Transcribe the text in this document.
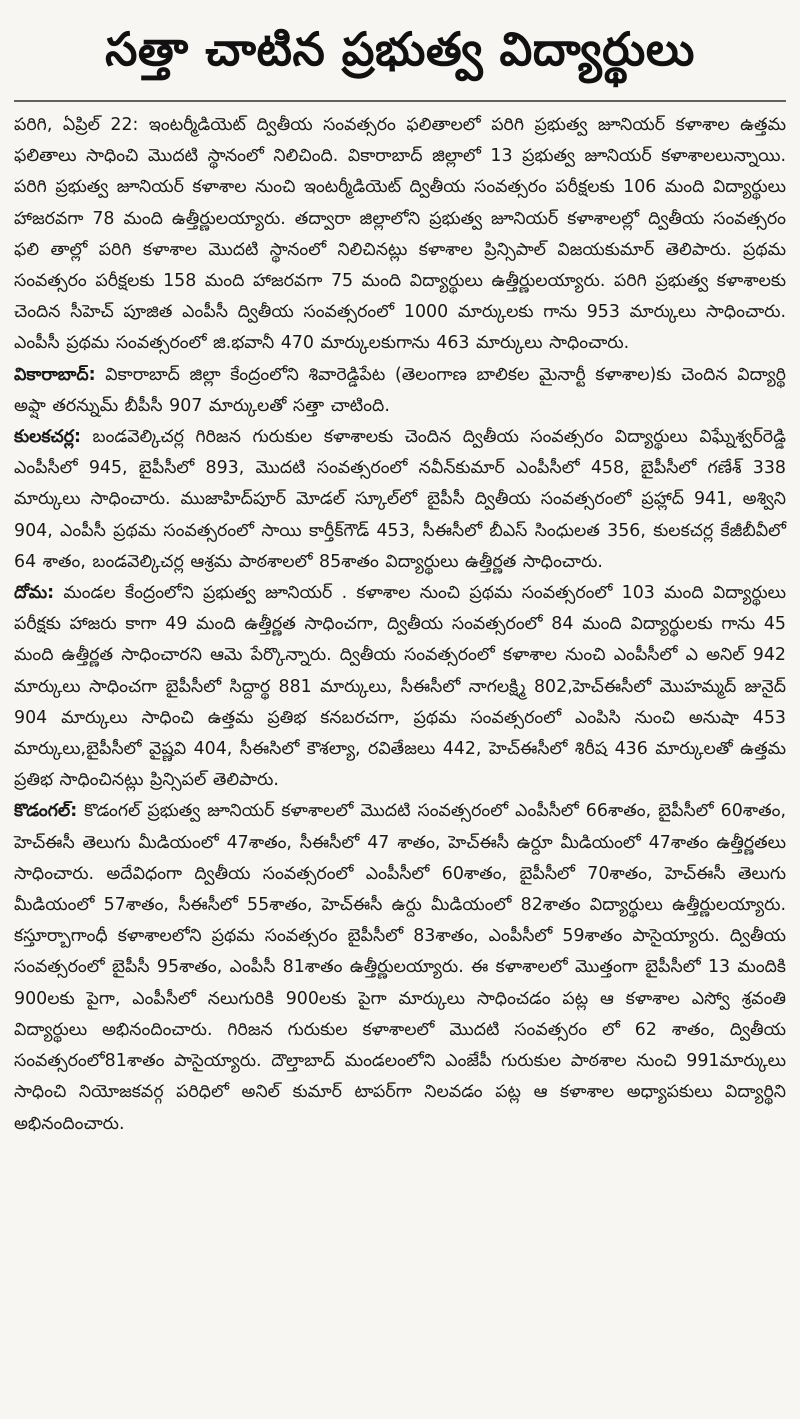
సత్తా చాటిన ప్రభుత్వ విద్యార్థులు

పరిగి, ఏప్రిల్ 22: ఇంటర్మీడియెట్ ద్వితీయ సంవత్సరం ఫలితాలలో పరిగి ప్రభుత్వ జూనియర్ కళాశాల ఉత్తమ ఫలితాలు సాధించి మొదటి స్థానంలో నిలిచింది. వికారాబాద్ జిల్లాలో 13 ప్రభుత్వ జూనియర్ కళాశాలలున్నాయి. పరిగి ప్రభుత్వ జూనియర్ కళాశాల నుంచి ఇంటర్మీడియెట్ ద్వితీయ సంవత్సరం పరీక్షలకు 106 మంది విద్యార్థులు హాజరవగా 78 మంది ఉత్తీర్ణులయ్యారు. తద్వారా జిల్లాలోని ప్రభుత్వ జూనియర్ కళాశాలల్లో ద్వితీయ సంవత్సరం ఫలి తాల్లో పరిగి కళాశాల మొదటి స్థానంలో నిలిచినట్లు కళాశాల ప్రిన్సిపాల్ విజయకుమార్ తెలిపారు. ప్రథమ సంవత్సరం పరీక్షలకు 158 మంది హాజరవగా 75 మంది విద్యార్థులు ఉత్తీర్ణులయ్యారు. పరిగి ప్రభుత్వ కళాశాలకు చెందిన సీహెచ్ పూజిత ఎంపీసీ ద్వితీయ సంవత్సరంలో 1000 మార్కులకు గాను 953 మార్కులు సాధించారు. ఎంపీసీ ప్రథమ సంవత్సరంలో జి.భవానీ 470 మార్కులకుగాను 463 మార్కులు సాధించారు.

వికారాబాద్: వికారాబాద్ జిల్లా కేంద్రంలోని శివారెడ్డిపేట (తెలంగాణ బాలికల మైనార్టీ కళాశాల)కు చెందిన విద్యార్థి అఫ్షా తరన్నుమ్ బీపీసీ 907 మార్కులతో సత్తా చాటింది.

కులకచర్ల: బండవెల్కిచర్ల గిరిజన గురుకుల కళాశాలకు చెందిన ద్వితీయ సంవత్సరం విద్యార్థులు విఘ్నేశ్వర్‌రెడ్డి ఎంపీసీలో 945, బైపీసీలో 893, మొదటి సంవత్సరంలో నవీన్‌కుమార్ ఎంపీసీలో 458, బైపీసీలో గణేశ్ 338 మార్కులు సాధించారు. ముజాహిద్‌పూర్ మోడల్ స్కూల్‌లో బైపీసీ ద్వితీయ సంవత్సరంలో ప్రహ్లాద్ 941, అశ్విని 904, ఎంపీసీ ప్రథమ సంవత్సరంలో సాయి కార్తీక్‌గౌడ్ 453, సీఈసీలో బీఎస్ సింధులత 356, కులకచర్ల కేజీబీవీలో 64 శాతం, బండవెల్కిచర్ల ఆశ్రమ పాఠశాలలో 85శాతం విద్యార్థులు ఉత్తీర్ణత సాధించారు.

దోమ: మండల కేంద్రంలోని ప్రభుత్వ జూనియర్ . కళాశాల నుంచి ప్రథమ సంవత్సరంలో 103 మంది విద్యార్థులు పరీక్షకు హాజరు కాగా 49 మంది ఉత్తీర్ణత సాధించగా, ద్వితీయ సంవత్సరంలో 84 మంది విద్యార్థులకు గాను 45 మంది ఉత్తీర్ణత సాధించారని ఆమె పేర్కొన్నారు. ద్వితీయ సంవత్సరంలో కళాశాల నుంచి ఎంపీసీలో ఎ అనిల్ 942 మార్కులు సాధించగా బైపీసీలో సిద్దార్థ 881 మార్కులు, సీఈసీలో నాగలక్ష్మి 802,హెచ్ఈసీలో మొహమ్మద్ జునైద్ 904 మార్కులు సాధించి ఉత్తమ ప్రతిభ కనబరచగా, ప్రథమ సంవత్సరంలో ఎంపిసి నుంచి అనుషా 453 మార్కులు,బైపీసీలో వైష్ణవి 404, సీఈసిలో కౌశల్యా, రవితేజలు 442, హెచ్ఈసీలో శిరీష 436 మార్కులతో ఉత్తమ ప్రతిభ సాధించినట్లు ప్రిన్సిపల్ తెలిపారు.

కొడంగల్: కొడంగల్ ప్రభుత్వ జూనియర్ కళాశాలలో మొదటి సంవత్సరంలో ఎంపీసీలో 66శాతం, బైపీసీలో 60శాతం, హెచ్ఈసీ తెలుగు మీడియంలో 47శాతం, సీఈసీలో 47 శాతం, హెచ్ఈసీ ఉర్దూ మీడియంలో 47శాతం ఉత్తీర్ణతలు సాధించారు. అదేవిధంగా ద్వితీయ సంవత్సరంలో ఎంపీసీలో 60శాతం, బైపీసీలో 70శాతం, హెచ్ఈసీ తెలుగు మీడియంలో 57శాతం, సీఈసీలో 55శాతం, హెచ్ఈసీ ఉర్దు మీడియంలో 82శాతం విద్యార్థులు ఉత్తీర్ణులయ్యారు. కస్తూర్బాగాంధీ కళాశాలలోని ప్రథమ సంవత్సరం బైపీసీలో 83శాతం, ఎంపీసీలో 59శాతం పాసైయ్యారు. ద్వితీయ సంవత్సరంలో బైపీసీ 95శాతం, ఎంపీసీ 81శాతం ఉత్తీర్ణులయ్యారు. ఈ కళాశాలలో మొత్తంగా బైపీసీలో 13 మందికి 900లకు పైగా, ఎంపీసీలో నలుగురికి 900లకు పైగా మార్కులు సాధించడం పట్ల ఆ కళాశాల ఎస్వో శ్రవంతి విద్యార్థులు అభినందించారు. గిరిజన గురుకుల కళాశాలలో మొదటి సంవత్సరం లో 62 శాతం, ద్వితీయ సంవత్సరంలో81శాతం పాసైయ్యారు. దౌల్తాబాద్ మండలంలోని ఎంజేపీ గురుకుల పాఠశాల నుంచి 991మార్కులు సాధించి నియోజకవర్గ పరిధిలో అనిల్ కుమార్ టాపర్‌గా నిలవడం పట్ల ఆ కళాశాల అధ్యాపకులు విద్యార్థిని అభినందించారు.
